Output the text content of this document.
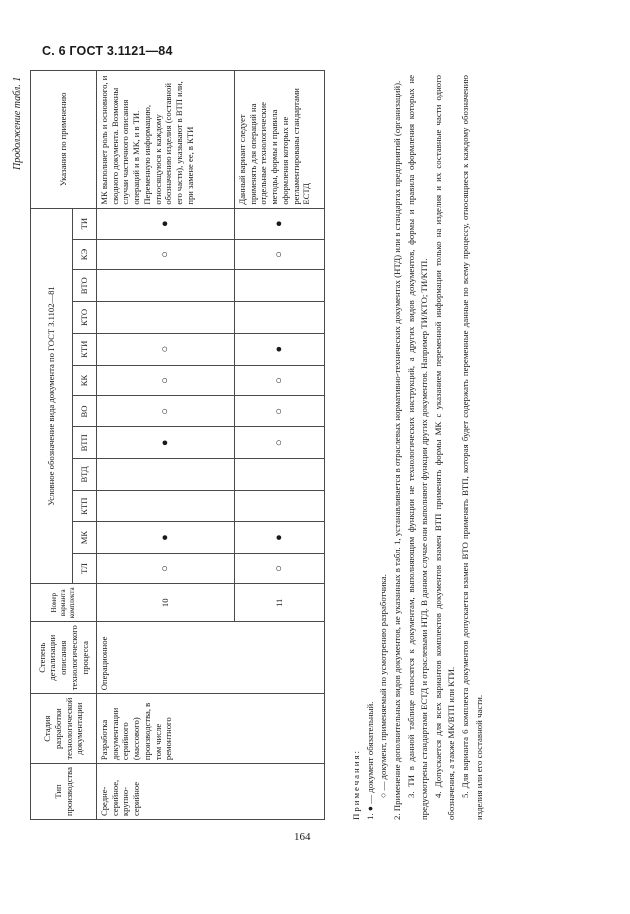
С. 6 ГОСТ 3.1121—84
Продолжение табл. 1
Тип производства	Стадия разработки технологической документации	Степень детализации описания технологического процесса	Номер варианта комплекта	Условное обозначение вида документа по ГОСТ 3.1102—81												Указания по применению
				ТЛ	МК	КТП	ВТД	ВТП	ВО	КК	КТИ	КТО	ВТО	КЭ	ТИ	
Средне-серийное, крупно-серийное	Разработка документации серийного (массового) производства, в том числе ремонтного	Операционное	10	○	●			●	○	○	○			○	●	МК выполняет роль и основного, и сводного документа. Возможны случаи частичного описания операций и в МК, и в ТИ. Переменную информацию, относящуюся к каждому обозначению изделия (составной его части), указывают в ВТП или, при замене ее, в КТИ
			11	○	●			○	○	○	●			○	●	Данный вариант следует применять для операций на отдельные технологические методы, формы и правила оформления которых не регламентированы стандартами ЕСТД

Примечания: 1. ● — документ обязательный. ○ — документ, применяемый по усмотрению разработчика. 2. Применение дополнительных видов документов, не указанных в табл. 1, устанавливается в отраслевых нормативно-технических документах (НТД) или в стандартах предприятий (организаций). 3. ТИ в данной таблице относятся к документам, выполняющим функции не технологических инструкций, а других видов документов, формы и правила оформления которых не предусмотрены стандартами ЕСТД и отраслевыми НТД. В данном случае они выполняют функции других документов. Например ТИ/КТО; ТИ/КТП. 4. Допускается для всех вариантов комплектов документов взамен ВТП применять формы МК с указанием переменной информации только на изделия и их составные части одного обозначения, а также МК/ВТП или КТИ. 5. Для варианта 6 комплекта документов допускается взамен ВТО применять ВТП, которая будет содержать переменные данные по всему процессу, относящиеся к каждому обозначению изделия или его составной части.

164
